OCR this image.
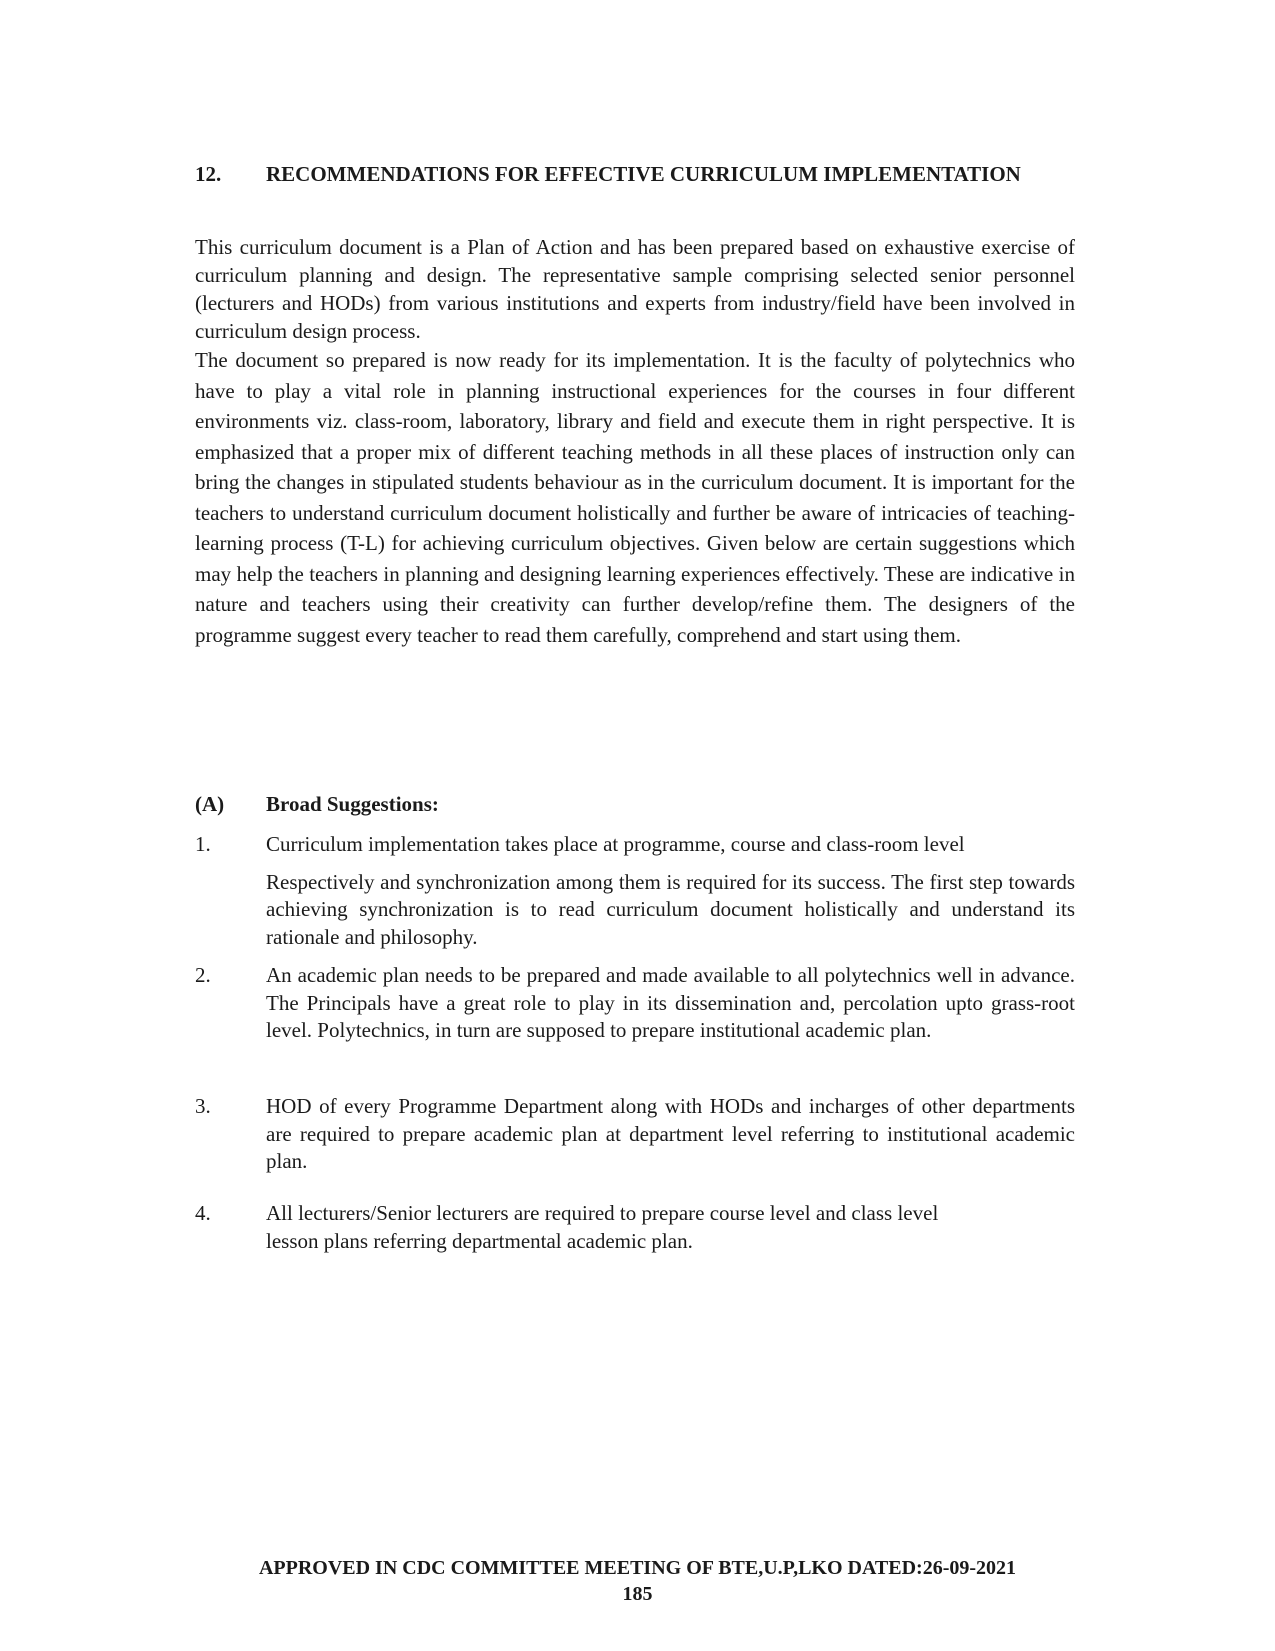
12. RECOMMENDATIONS FOR EFFECTIVE CURRICULUM IMPLEMENTATION

This curriculum document is a Plan of Action and has been prepared based on exhaustive exercise of curriculum planning and design. The representative sample comprising selected senior personnel (lecturers and HODs) from various institutions and experts from industry/field have been involved in curriculum design process.

The document so prepared is now ready for its implementation. It is the faculty of polytechnics who have to play a vital role in planning instructional experiences for the courses in four different environments viz. class-room, laboratory, library and field and execute them in right perspective. It is emphasized that a proper mix of different teaching methods in all these places of instruction only can bring the changes in stipulated students behaviour as in the curriculum document. It is important for the teachers to understand curriculum document holistically and further be aware of intricacies of teaching-learning process (T-L) for achieving curriculum objectives. Given below are certain suggestions which may help the teachers in planning and designing learning experiences effectively. These are indicative in nature and teachers using their creativity can further develop/refine them. The designers of the programme suggest every teacher to read them carefully, comprehend and start using them.

(A) Broad Suggestions:
1.	Curriculum implementation takes place at programme, course and class-room level

Respectively and synchronization among them is required for its success. The first step towards achieving synchronization is to read curriculum document holistically and understand its rationale and philosophy.

2.	An academic plan needs to be prepared and made available to all polytechnics well in advance. The Principals have a great role to play in its dissemination and, percolation upto grass-root level. Polytechnics, in turn are supposed to prepare institutional academic plan.

3.	HOD of every Programme Department along with HODs and incharges of other departments are required to prepare academic plan at department level referring to institutional academic plan.

4.	All lecturers/Senior lecturers are required to prepare course level and class level

lesson plans referring departmental academic plan.

APPROVED IN CDC COMMITTEE MEETING OF BTE,U.P,LKO DATED:26-09-2021
185
